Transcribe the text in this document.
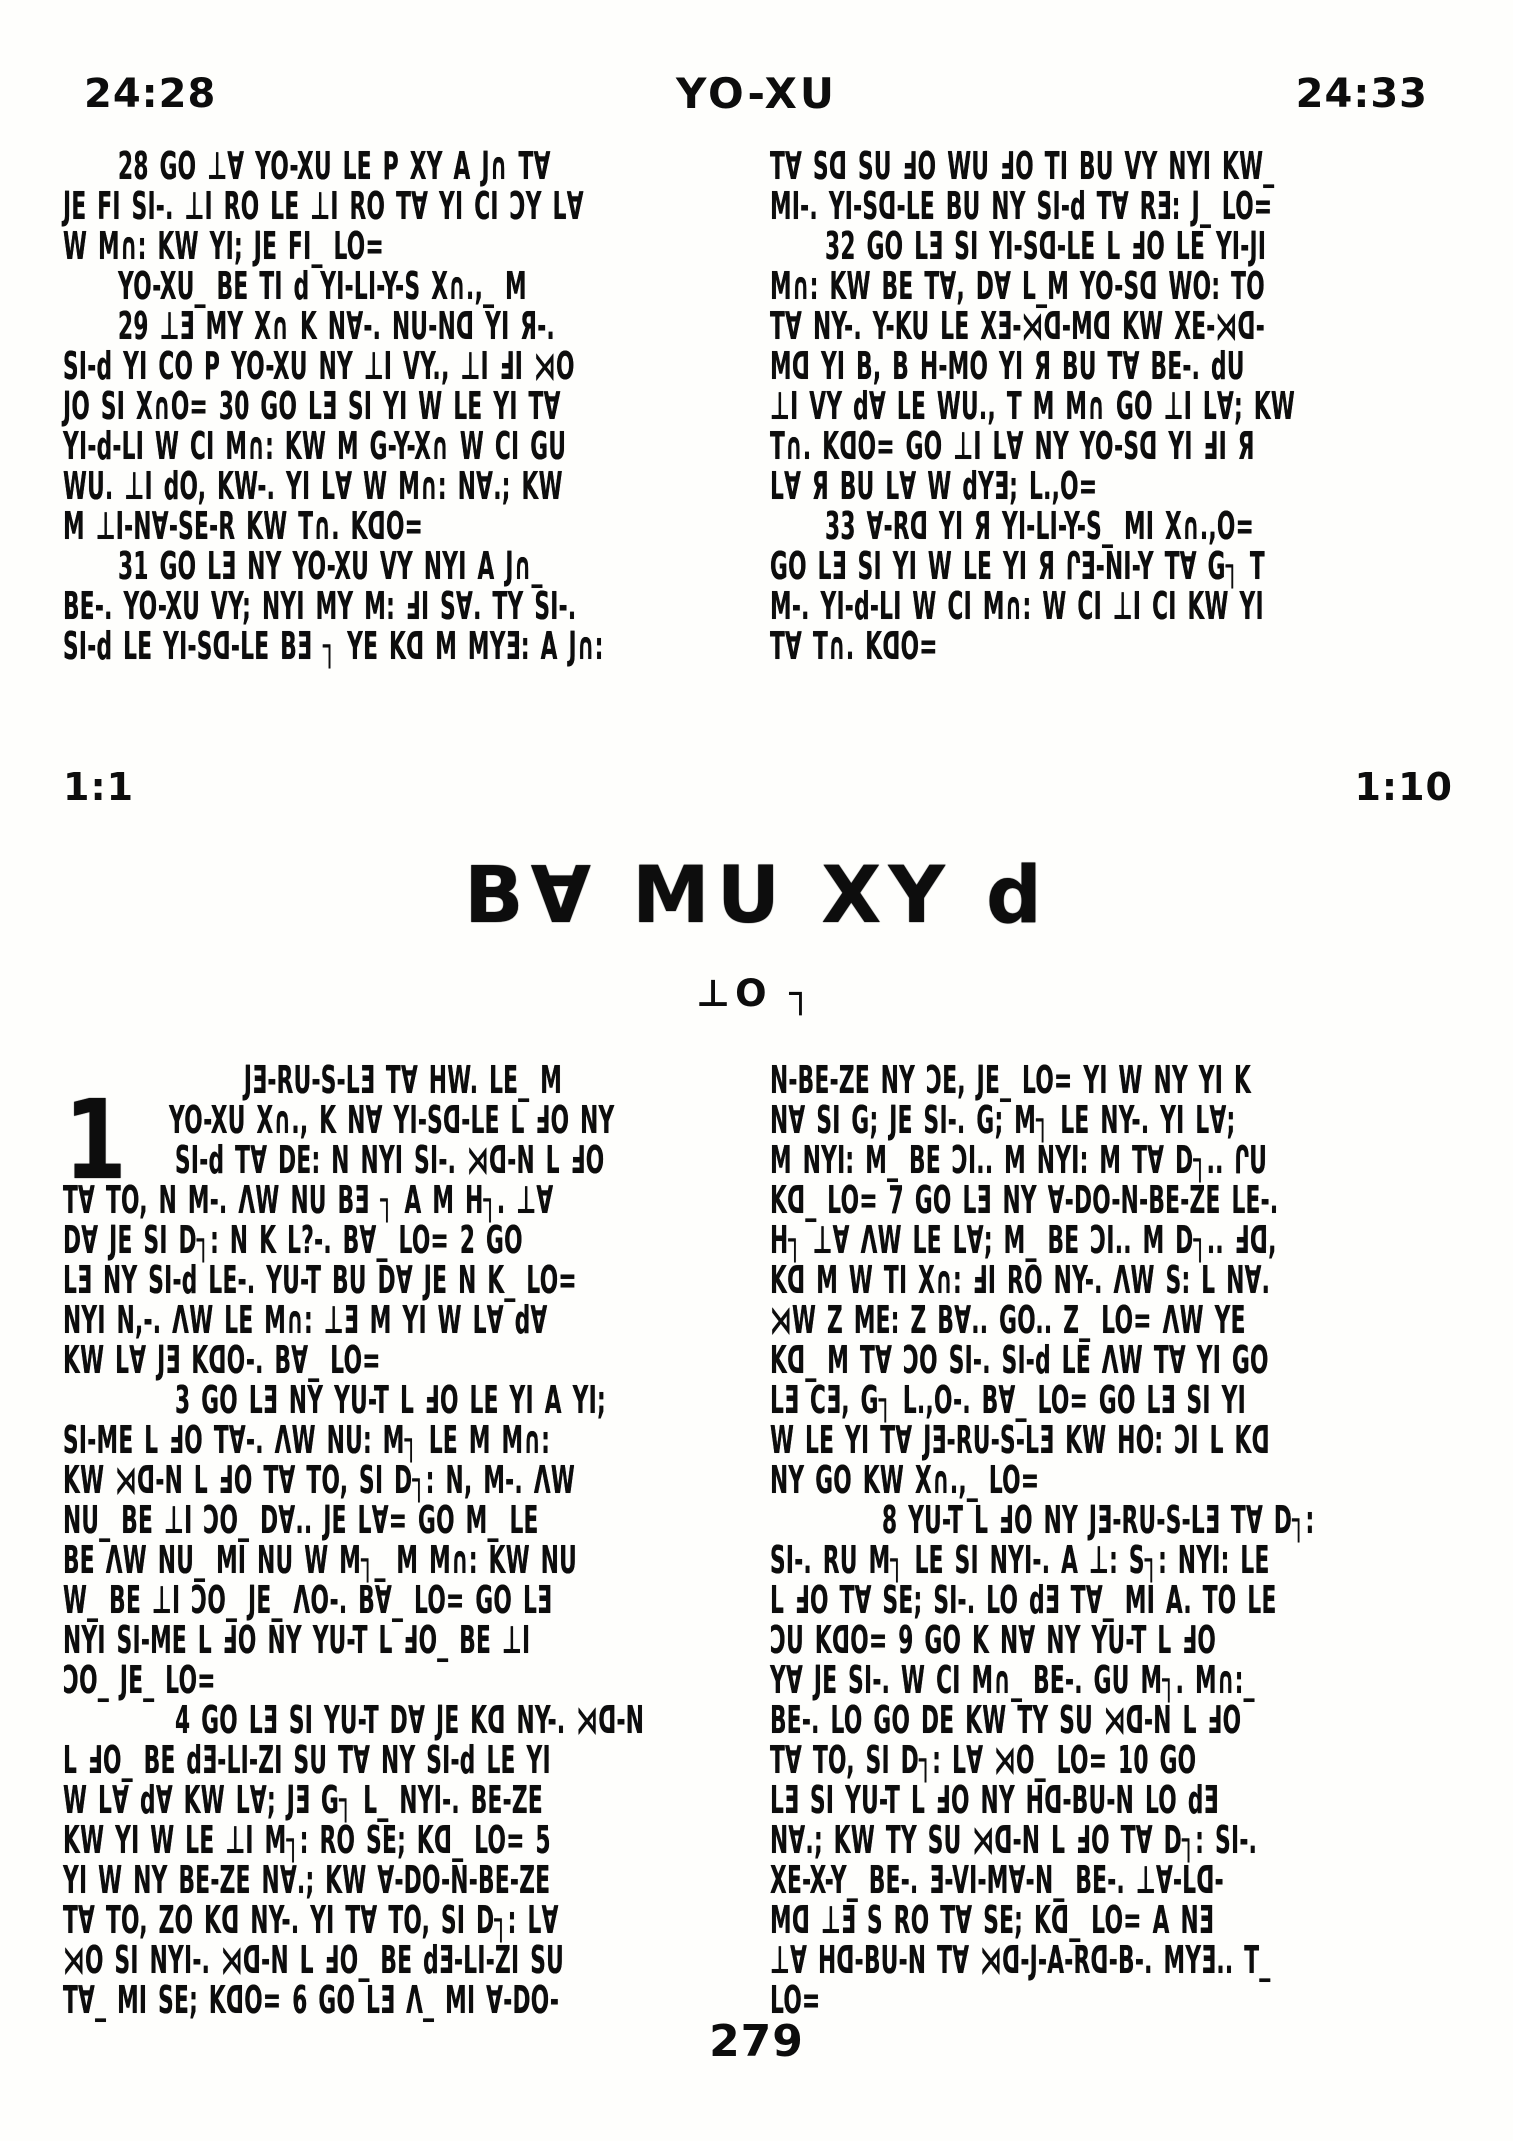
24:28	YO-XU	24:33
28 GO ⊥∀ YO-XU LE P XY A J∩ T∀
JE FI SI-. ⊥I RO LE ⊥I RO T∀ YI CI ƆY L∀
W M∩: KW YI; JE FI_ LO=
YO-XU_ BE TI d YI-LI-Y-S X∩.,_ M
29 ⊥Ǝ MY X∩ K N∀-. NU-Nᗡ YI Я-.
SI-d YI CO P YO-XU NY ⊥I VY., ⊥I ℲI ⋊O
JO SI X∩O= 30 GO LƎ SI YI W LE YI T∀
YI-d-LI W CI M∩: KW M G-Y-X∩ W CI GU
WU. ⊥I dO, KW-. YI L∀ W M∩: N∀.; KW
M ⊥I-N∀-SE-R KW T∩. KᗡO=
31 GO LƎ NY YO-XU VY NYI A J∩_
BE-. YO-XU VY; NYI MY M: ℲI S∀. TY SI-.
SI-d LE YI-Sᗡ-LE BƎ ┐ YE Kᗡ M MYƎ: A J∩:
T∀ Sᗡ SU ℲO WU ℲO TI BU VY NYI KW_
MI-. YI-Sᗡ-LE BU NY SI-d T∀ RƎ: J_ LO=
32 GO LƎ SI YI-Sᗡ-LE L ℲO LE YI-JI
M∩: KW BE T∀, D∀ L_M YO-Sᗡ WO: TO
T∀ NY-. Y-KU LE XƎ-⋊ᗡ-Mᗡ KW XE-⋊ᗡ-
Mᗡ YI B, B H-MO YI Я BU T∀ BE-. dU
⊥I VY d∀ LE WU., T M M∩ GO ⊥I L∀; KW
T∩. KᗡO= GO ⊥I L∀ NY YO-Sᗡ YI ℲI Я
L∀ Я BU L∀ W dYƎ; L.,O=
33 ∀-Rᗡ YI Я YI-LI-Y-S_ MI X∩.,O=
GO LƎ SI YI W LE YI Я ՐƎ-NI-Y T∀ G┐ T
M-. YI-d-LI W CI M∩: W CI ⊥I CI KW YI
T∀ T∩. KᗡO=
1:1	1:10
B∀ MU XY d
⊥O ┐
1	JƎ-RU-S-LƎ T∀ HW. LE_ M
YO-XU X∩., K N∀ YI-Sᗡ-LE L ℲO NY
SI-d T∀ DE: N NYI SI-. ⋊ᗡ-N L ℲO
T∀ TO, N M-. ΛW NU BƎ ┐ A M H┐. ⊥∀
D∀ JE SI D┐: N K L?-. B∀_ LO= 2 GO
LƎ NY SI-d LE-. YU-T BU D∀ JE N K_ LO=
NYI N,-. ΛW LE M∩: ⊥Ǝ M YI W L∀ d∀
KW L∀ JƎ KᗡO-. B∀_ LO=
3 GO LƎ NY YU-T L ℲO LE YI A YI;
SI-ME L ℲO T∀-. ΛW NU: M┐ LE M M∩:
KW ⋊ᗡ-N L ℲO T∀ TO, SI D┐: N, M-. ΛW
NU_ BE ⊥I ƆO_ D∀.. JE L∀= GO M_ LE
BE ΛW NU_ MI NU W M┐_ M M∩: KW NU
W_ BE ⊥I ƆO_ JE_ ΛO-. B∀_ LO= GO LƎ
NYI SI-ME L ℲO NY YU-T L ℲO_ BE ⊥I
ƆO_ JE_ LO=
4 GO LƎ SI YU-T D∀ JE Kᗡ NY-. ⋊ᗡ-N
L ℲO_ BE dƎ-LI-ZI SU T∀ NY SI-d LE YI
W L∀ d∀ KW L∀; JƎ G┐ L_ NYI-. BE-ZE
KW YI W LE ⊥I M┐: RO SE; Kᗡ_ LO= 5
YI W NY BE-ZE N∀.; KW ∀-DO-N-BE-ZE
T∀ TO, ZO Kᗡ NY-. YI T∀ TO, SI D┐: L∀
⋊O SI NYI-. ⋊ᗡ-N L ℲO_ BE dƎ-LI-ZI SU
T∀_ MI SE; KᗡO= 6 GO LƎ Λ_ MI ∀-DO-
N-BE-ZE NY ƆE, JE_ LO= YI W NY YI K
N∀ SI G; JE SI-. G; M┐ LE NY-. YI L∀;
M NYI: M_ BE ƆI.. M NYI: M T∀ D┐.. ՐU
Kᗡ_ LO= 7 GO LƎ NY ∀-DO-N-BE-ZE LE-.
H┐ ⊥∀ ΛW LE L∀; M_ BE ƆI.. M D┐.. Ⅎᗡ,
Kᗡ M W TI X∩: ℲI RO NY-. ΛW S: L N∀.
⋊W Z ME: Z B∀.. GO.. Z_ LO= ΛW YE
Kᗡ_ M T∀ ƆO SI-. SI-d LE ΛW T∀ YI GO
LƎ CƎ, G┐ L.,O-. B∀_ LO= GO LƎ SI YI
W LE YI T∀ JƎ-RU-S-LƎ KW HO: ƆI L Kᗡ
NY GO KW X∩.,_ LO=
8 YU-T L ℲO NY JƎ-RU-S-LƎ T∀ D┐:
SI-. RU M┐ LE SI NYI-. A ⊥: S┐: NYI: LE
L ℲO T∀ SE; SI-. LO dƎ T∀_ MI A. TO LE
ƆU KᗡO= 9 GO K N∀ NY YU-T L ℲO
Y∀ JE SI-. W CI M∩_ BE-. GU M┐. M∩:_
BE-. LO GO DE KW TY SU ⋊ᗡ-N L ℲO
T∀ TO, SI D┐: L∀ ⋊O_ LO= 10 GO
LƎ SI YU-T L ℲO NY Hᗡ-BU-N LO dƎ
N∀.; KW TY SU ⋊ᗡ-N L ℲO T∀ D┐: SI-.
XE-X-Y_ BE-. Ǝ-VI-M∀-N_ BE-. ⊥∀-Lᗡ-
Mᗡ ⊥Ǝ S RO T∀ SE; Kᗡ_ LO= A NƎ
⊥∀ Hᗡ-BU-N T∀ ⋊ᗡ-J-A-Rᗡ-B-. MYƎ.. T_
LO=
279
